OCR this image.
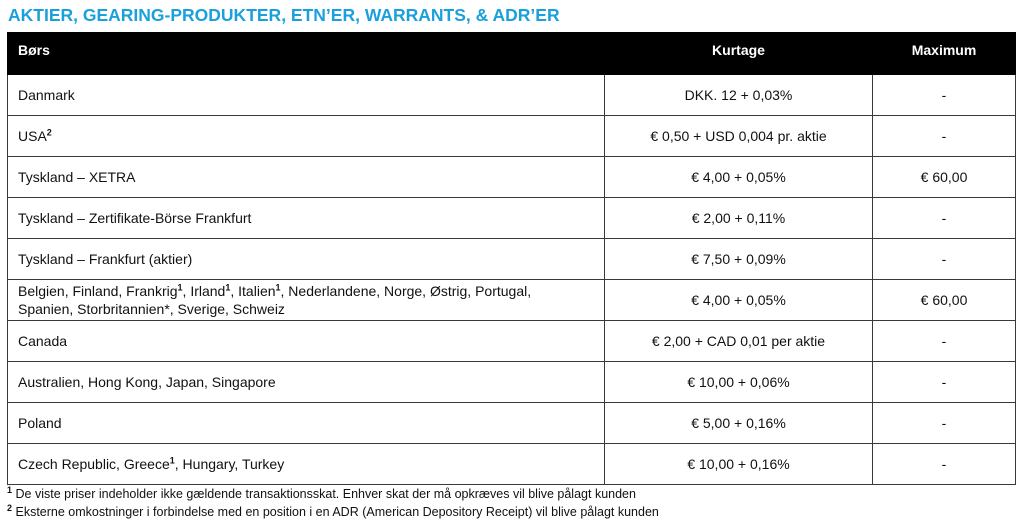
AKTIER, GEARING-PRODUKTER, ETN’ER, WARRANTS, & ADR’ER
Børs	Kurtage	Maximum
Danmark	DKK. 12 + 0,03%	-
USA$^2$	€ 0,50 + USD 0,004 pr. aktie	-
Tyskland – XETRA	€ 4,00 + 0,05%	€ 60,00
Tyskland – Zertifikate-Börse Frankfurt	€ 2,00 + 0,11%	-
Tyskland – Frankfurt (aktier)	€ 7,50 + 0,09%	-
Belgien, Finland, Frankrig$^1$, Irland$^1$, Italien$^1$, Nederlandene, Norge, Østrig, Portugal,
Spanien, Storbritannien*, Sverige, Schweiz	€ 4,00 + 0,05%	€ 60,00
Canada	€ 2,00 + CAD 0,01 per aktie	-
Australien, Hong Kong, Japan, Singapore	€ 10,00 + 0,06%	-
Poland	€ 5,00 + 0,16%	-
Czech Republic, Greece$^1$, Hungary, Turkey	€ 10,00 + 0,16%	-
$^1$ De viste priser indeholder ikke gældende transaktionsskat. Enhver skat der må opkræves vil blive pålagt kunden
$^2$ Eksterne omkostninger i forbindelse med en position i en ADR (American Depository Receipt) vil blive pålagt kunden
